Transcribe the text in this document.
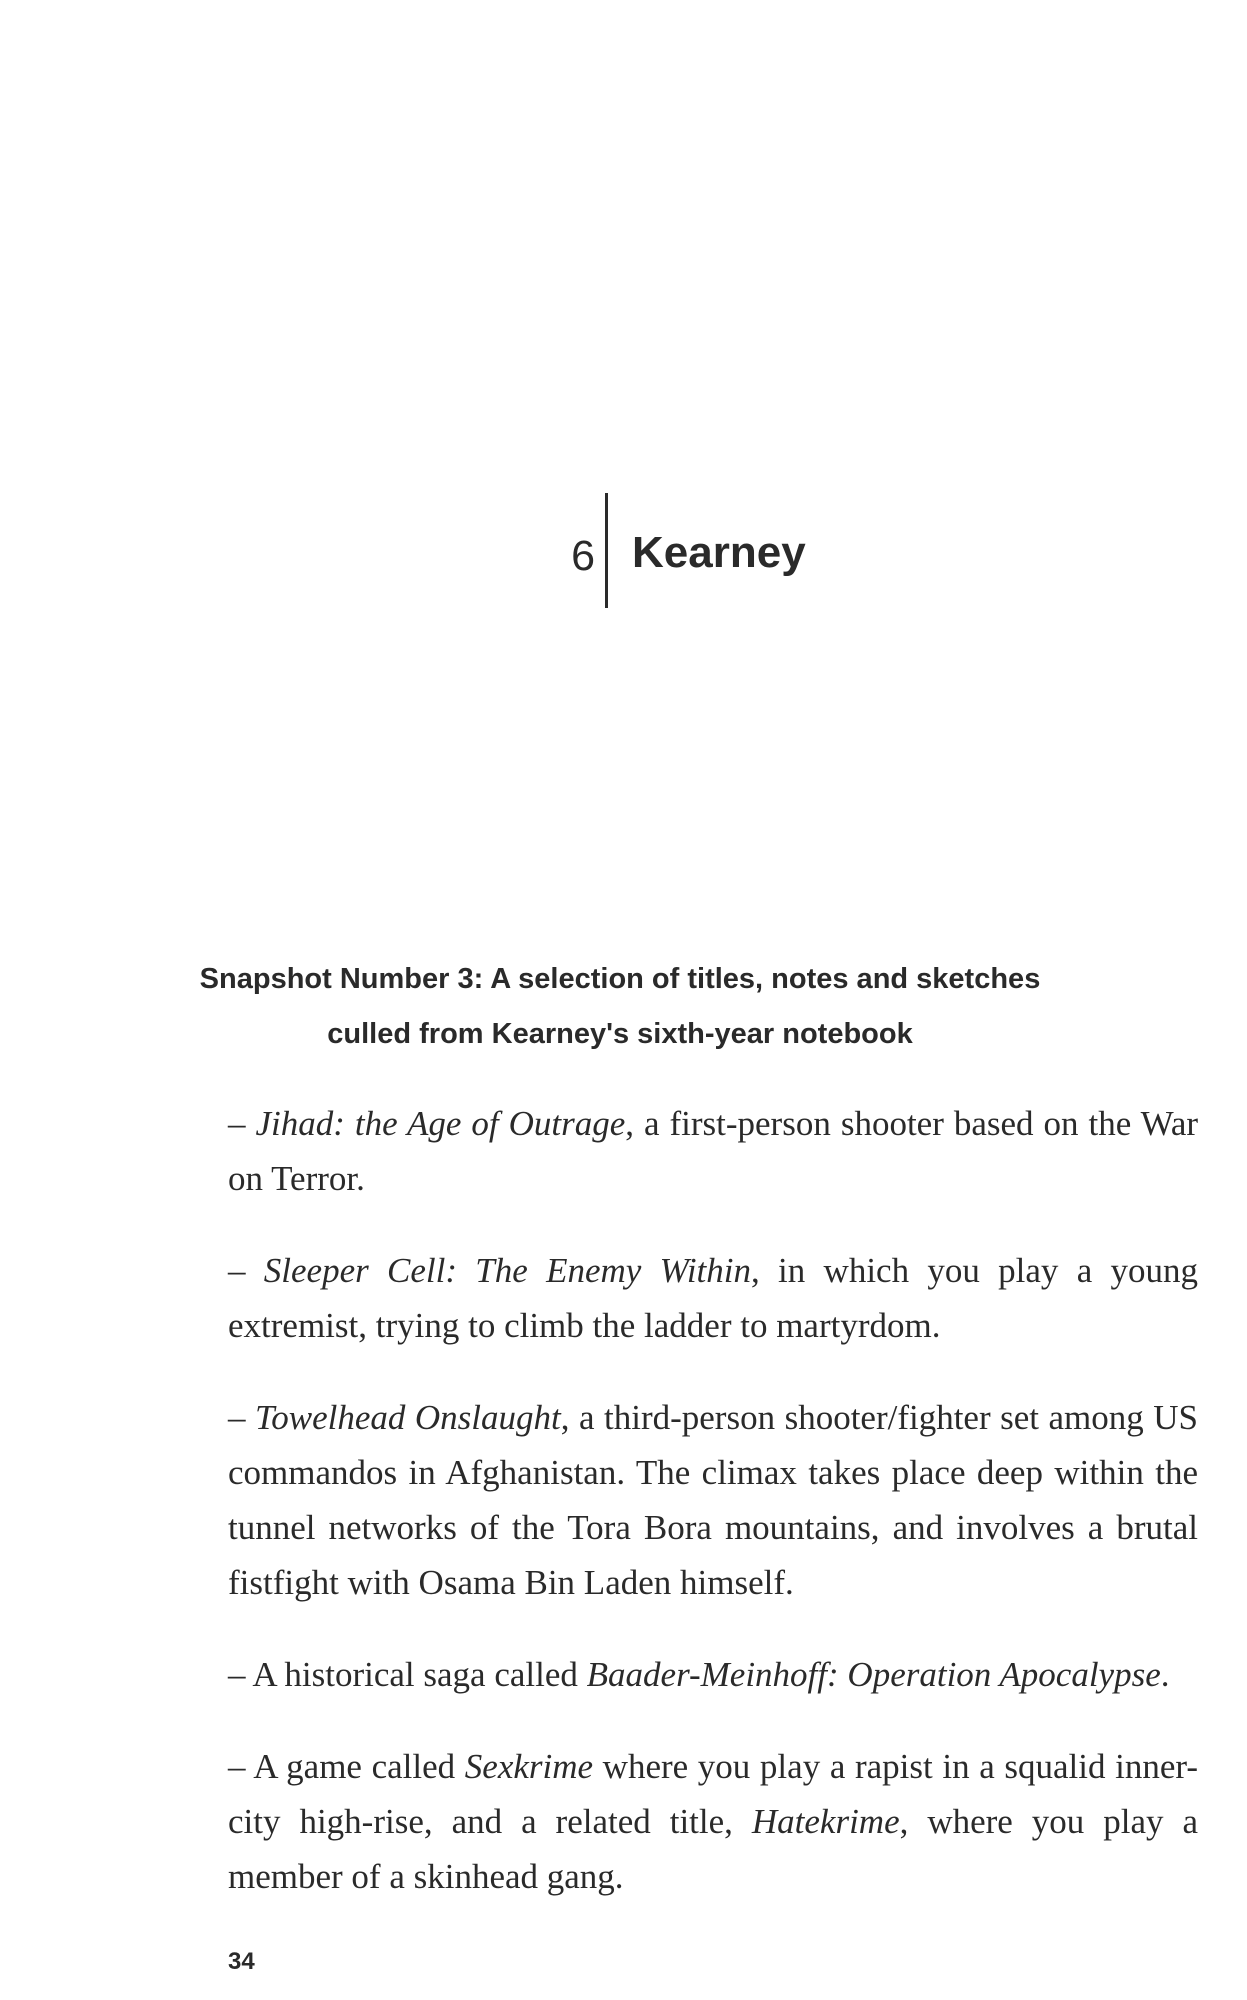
6 Kearney
Snapshot Number 3: A selection of titles, notes and sketches
culled from Kearney's sixth-year notebook

– Jihad: the Age of Outrage, a first-person shooter based on the War on Terror.

– Sleeper Cell: The Enemy Within, in which you play a young extremist, trying to climb the ladder to martyrdom.

– Towelhead Onslaught, a third-person shooter/fighter set among US commandos in Afghanistan. The climax takes place deep within the tunnel networks of the Tora Bora mountains, and involves a brutal fistfight with Osama Bin Laden himself.

– A historical saga called Baader-Meinhoff: Operation Apocalypse.

– A game called Sexkrime where you play a rapist in a squalid inner-city high-rise, and a related title, Hatekrime, where you play a member of a skinhead gang.

34
